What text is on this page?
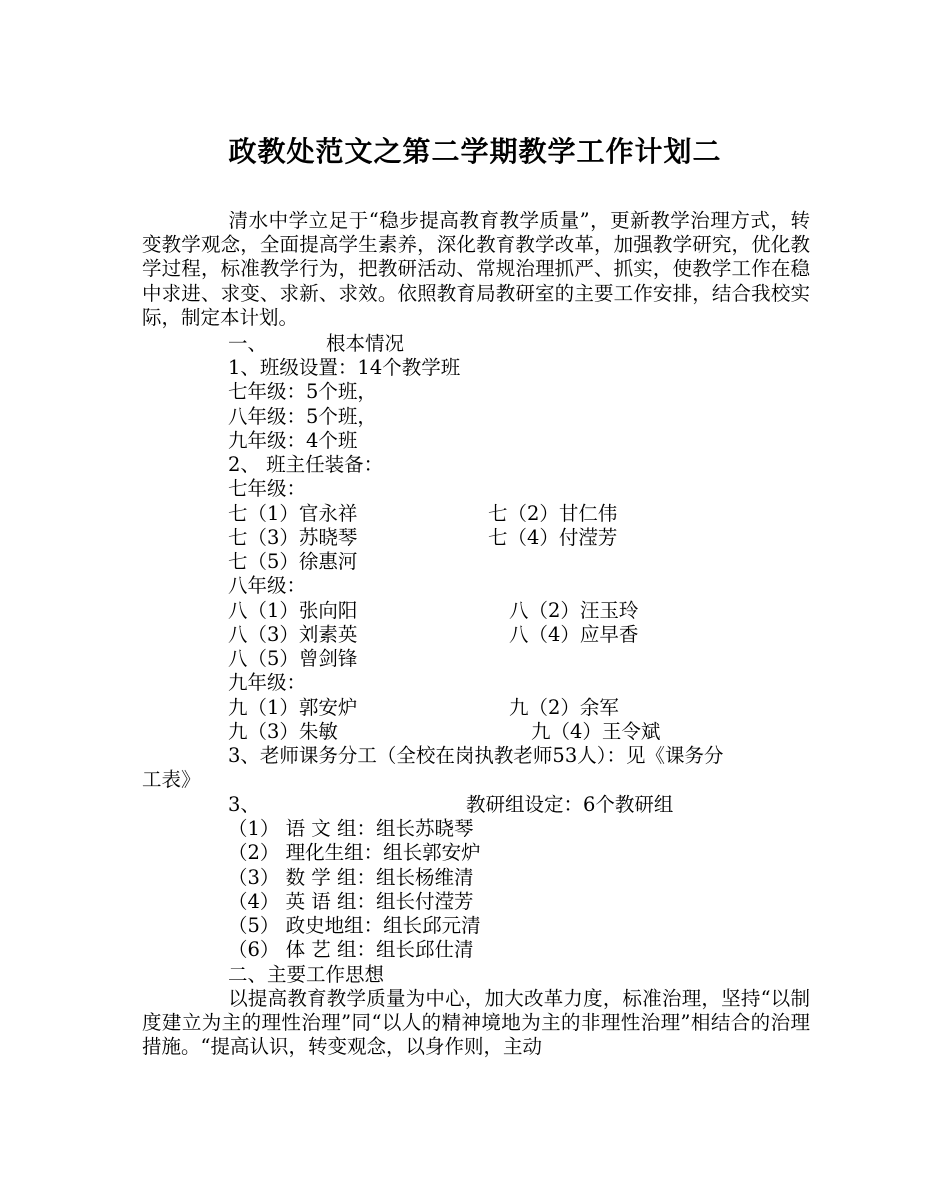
政教处范文之第二学期教学工作计划二
清水中学立足于“稳步提高教育教学质量”，更新教学治理方式，转变教学观念，全面提高学生素养，深化教育教学改革，加强教学研究，优化教学过程，标准教学行为，把教研活动、常规治理抓严、抓实，使教学工作在稳中求进、求变、求新、求效。依照教育局教研室的主要工作安排，结合我校实际，制定本计划。
一、	根本情况
1、班级设置：14个教学班
七年级：5个班，
八年级：5个班，
九年级：4个班
2、 班主任装备：
七年级：
七（1）官永祥	七（2）甘仁伟
七（3）苏晓琴	七（4）付滢芳
七（5）徐惠河
八年级：
八（1）张向阳	八（2）汪玉玲
八（3）刘素英	八（4）应早香
八（5）曾剑锋
九年级：
九（1）郭安炉	九（2）余军
九（3）朱敏	九（4）王令斌
3、老师课务分工（全校在岗执教老师53人）：见《课务分
工表》
3、	教研组设定：6个教研组
（1） 语 文 组：组长苏晓琴
（2） 理化生组：组长郭安炉
（3） 数 学 组：组长杨维清
（4） 英 语 组：组长付滢芳
（5） 政史地组：组长邱元清
（6） 体 艺 组：组长邱仕清
二、主要工作思想
以提高教育教学质量为中心，加大改革力度，标准治理，坚持“以制度建立为主的理性治理”同“以人的精神境地为主的非理性治理”相结合的治理措施。“提高认识，转变观念，以身作则，主动
